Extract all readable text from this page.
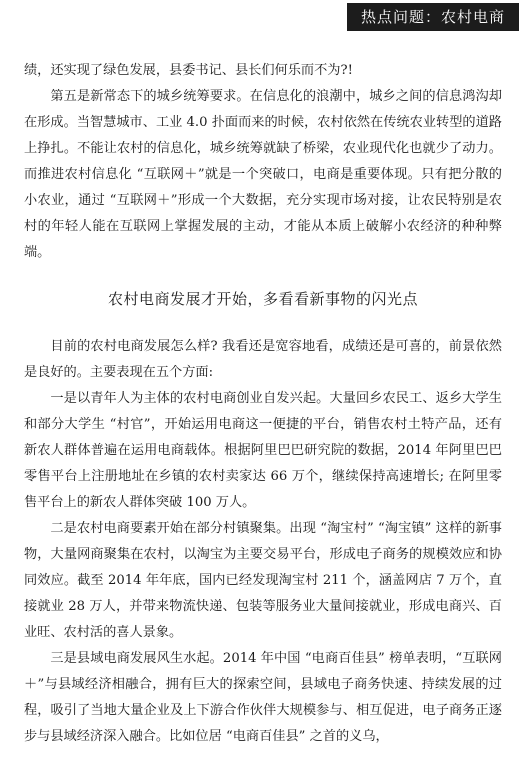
热点问题：农村电商

绩，还实现了绿色发展，县委书记、县长们何乐而不为?!

第五是新常态下的城乡统筹要求。在信息化的浪潮中，城乡之间的信息鸿沟却在形成。当智慧城市、工业 4.0 扑面而来的时候，农村依然在传统农业转型的道路上挣扎。不能让农村的信息化，城乡统筹就缺了桥梁，农业现代化也就少了动力。而推进农村信息化 “互联网＋”就是一个突破口，电商是重要体现。只有把分散的小农业，通过 “互联网＋”形成一个大数据，充分实现市场对接，让农民特别是农村的年轻人能在互联网上掌握发展的主动，才能从本质上破解小农经济的种种弊端。

农村电商发展才开始，多看看新事物的闪光点

目前的农村电商发展怎么样? 我看还是宽容地看，成绩还是可喜的，前景依然是良好的。主要表现在五个方面:

一是以青年人为主体的农村电商创业自发兴起。大量回乡农民工、返乡大学生和部分大学生 “村官”，开始运用电商这一便捷的平台，销售农村土特产品，还有新农人群体普遍在运用电商载体。根据阿里巴巴研究院的数据，2014 年阿里巴巴零售平台上注册地址在乡镇的农村卖家达 66 万个，继续保持高速增长; 在阿里零售平台上的新农人群体突破 100 万人。

二是农村电商要素开始在部分村镇聚集。出现 “淘宝村” “淘宝镇” 这样的新事物，大量网商聚集在农村，以淘宝为主要交易平台，形成电子商务的规模效应和协同效应。截至 2014 年年底，国内已经发现淘宝村 211 个，涵盖网店 7 万个，直接就业 28 万人，并带来物流快递、包装等服务业大量间接就业，形成电商兴、百业旺、农村活的喜人景象。

三是县域电商发展风生水起。2014 年中国 “电商百佳县” 榜单表明，“互联网＋”与县域经济相融合，拥有巨大的探索空间，县域电子商务快速、持续发展的过程，吸引了当地大量企业及上下游合作伙伴大规模参与、相互促进，电子商务正逐步与县域经济深入融合。比如位居 “电商百佳县” 之首的义乌，
